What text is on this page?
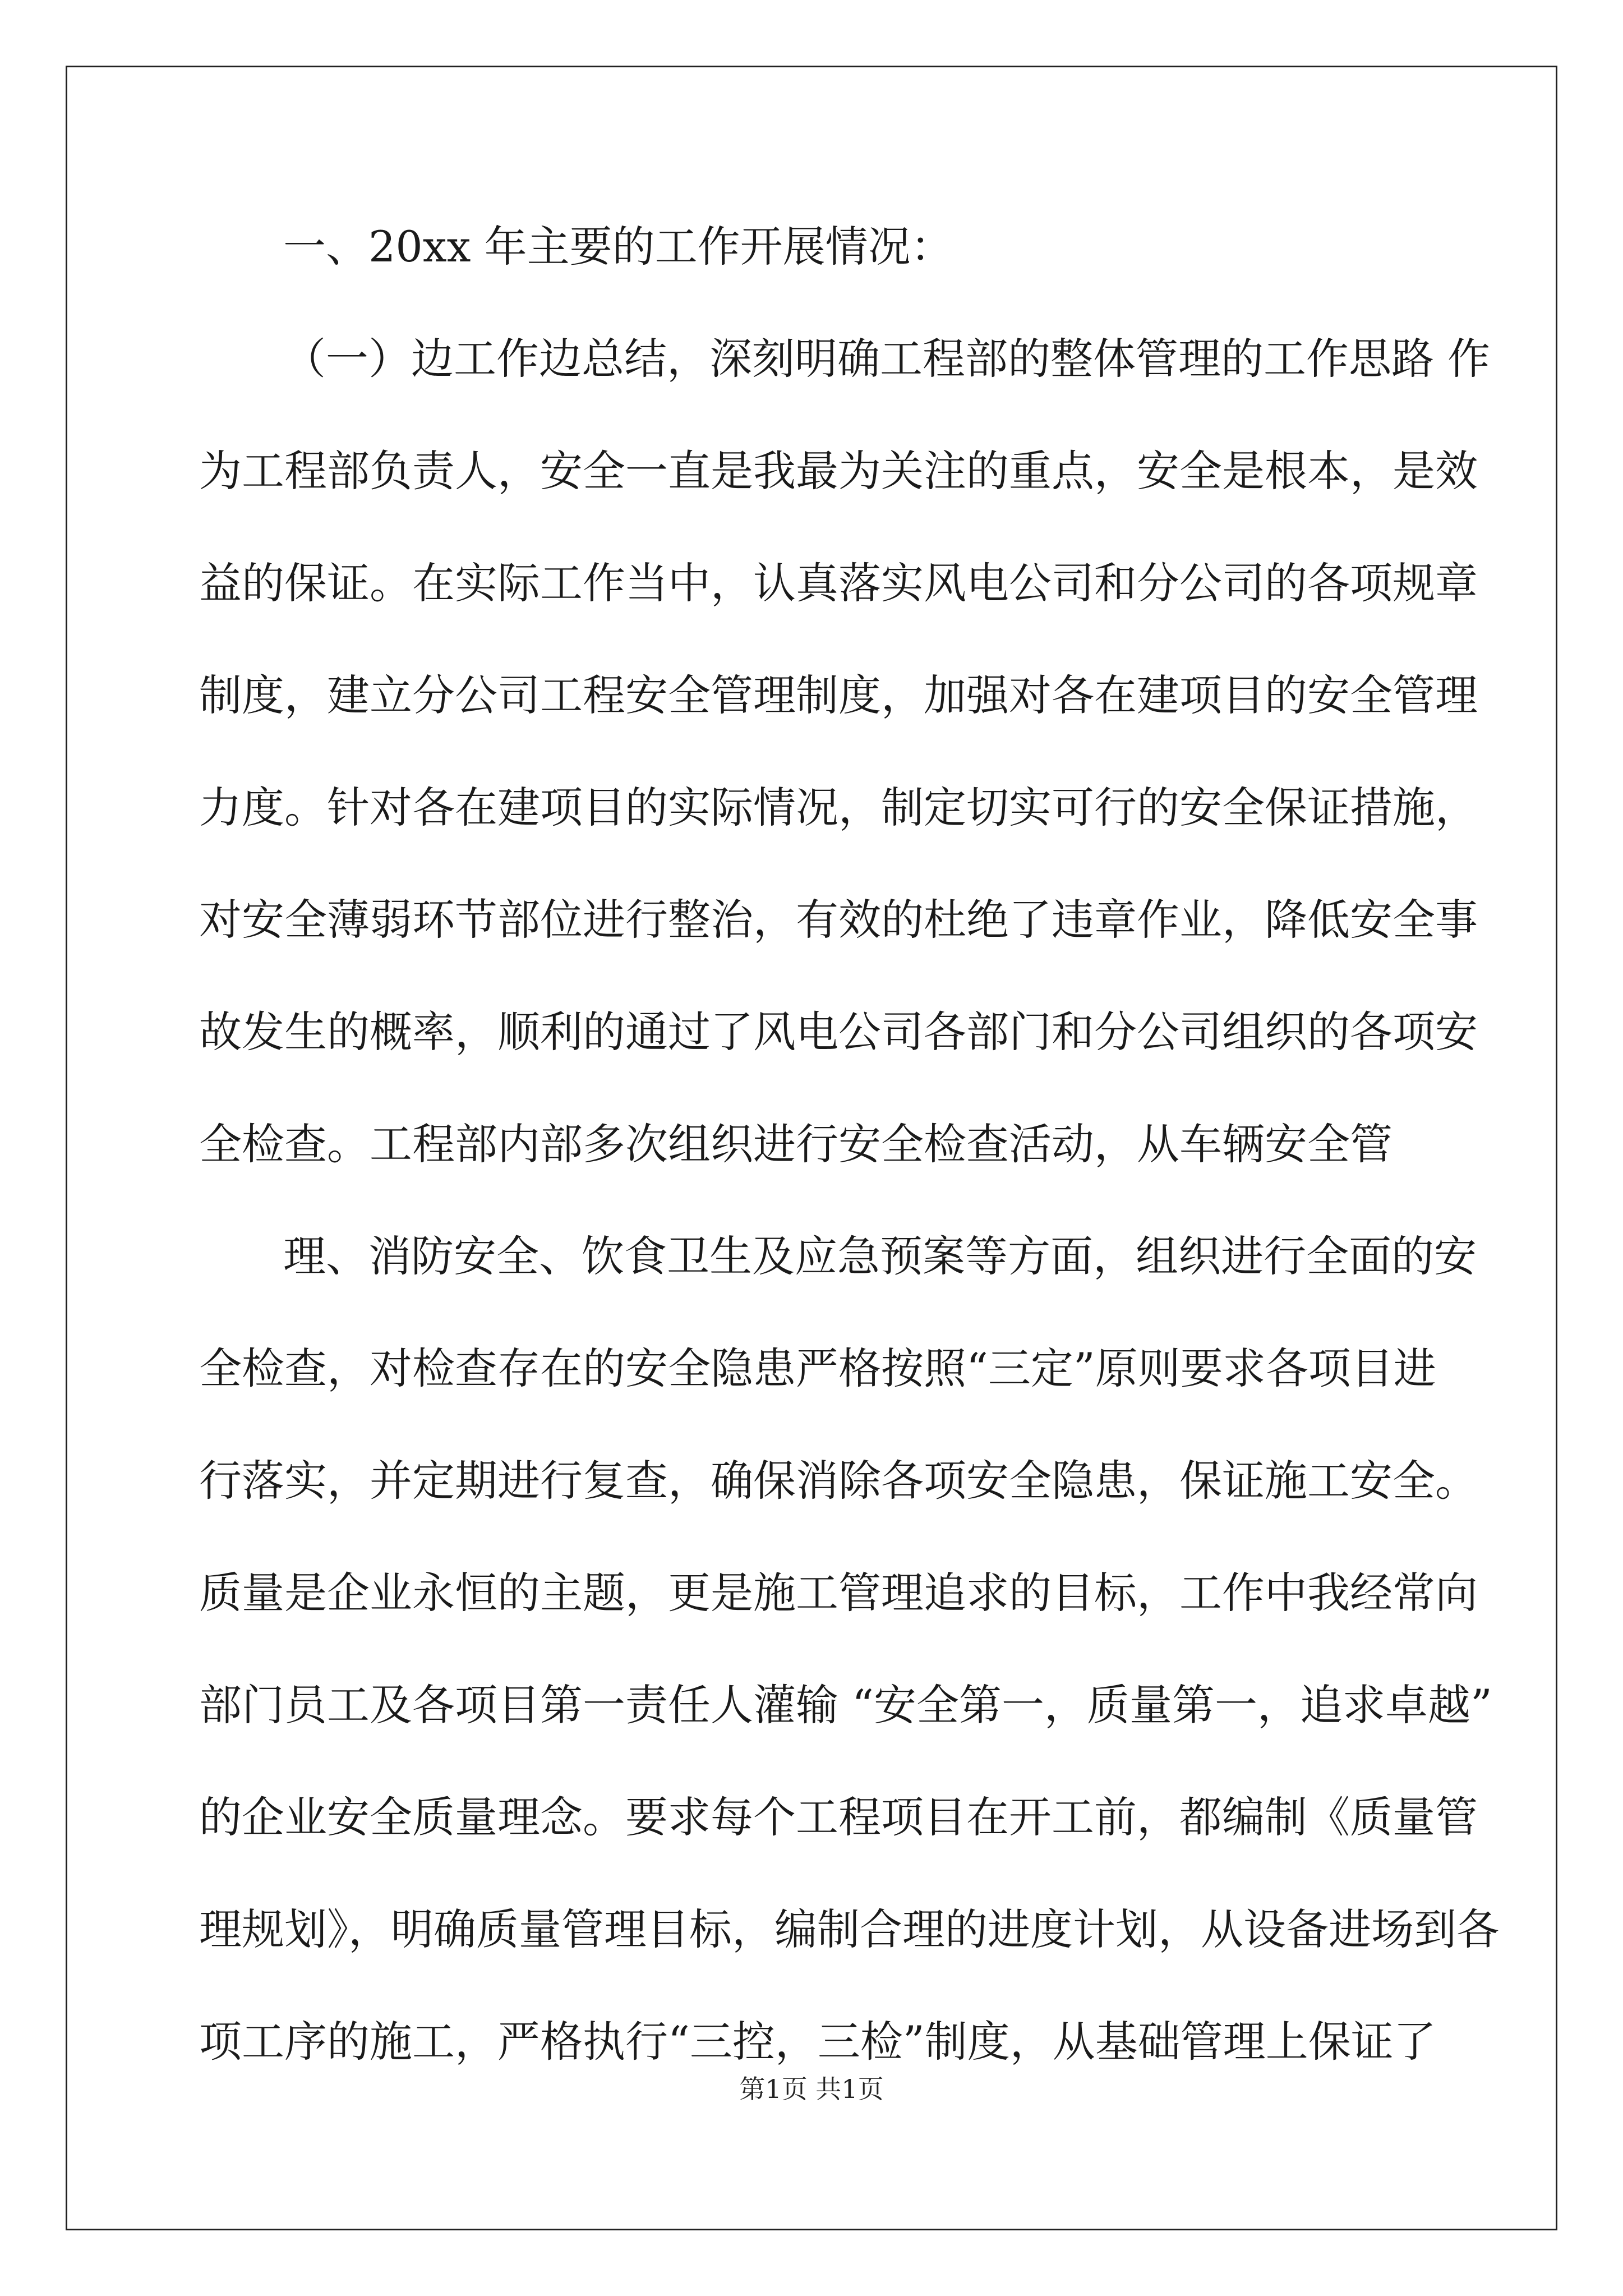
一、20xx 年主要的工作开展情况：
（一）边工作边总结，深刻明确工程部的整体管理的工作思路 作
为工程部负责人，安全一直是我最为关注的重点，安全是根本，是效
益的保证。在实际工作当中，认真落实风电公司和分公司的各项规章
制度，建立分公司工程安全管理制度，加强对各在建项目的安全管理
力度。针对各在建项目的实际情况，制定切实可行的安全保证措施，
对安全薄弱环节部位进行整治，有效的杜绝了违章作业，降低安全事
故发生的概率，顺利的通过了风电公司各部门和分公司组织的各项安
全检查。工程部内部多次组织进行安全检查活动，从车辆安全管
理、消防安全、饮食卫生及应急预案等方面，组织进行全面的安
全检查，对检查存在的安全隐患严格按照“三定”原则要求各项目进
行落实，并定期进行复查，确保消除各项安全隐患，保证施工安全。
质量是企业永恒的主题，更是施工管理追求的目标，工作中我经常向
部门员工及各项目第一责任人灌输 “安全第一，质量第一，追求卓越”
的企业安全质量理念。要求每个工程项目在开工前，都编制《质量管
理规划》，明确质量管理目标，编制合理的进度计划，从设备进场到各
项工序的施工，严格执行“三控，三检”制度，从基础管理上保证了
第1页 共1页
